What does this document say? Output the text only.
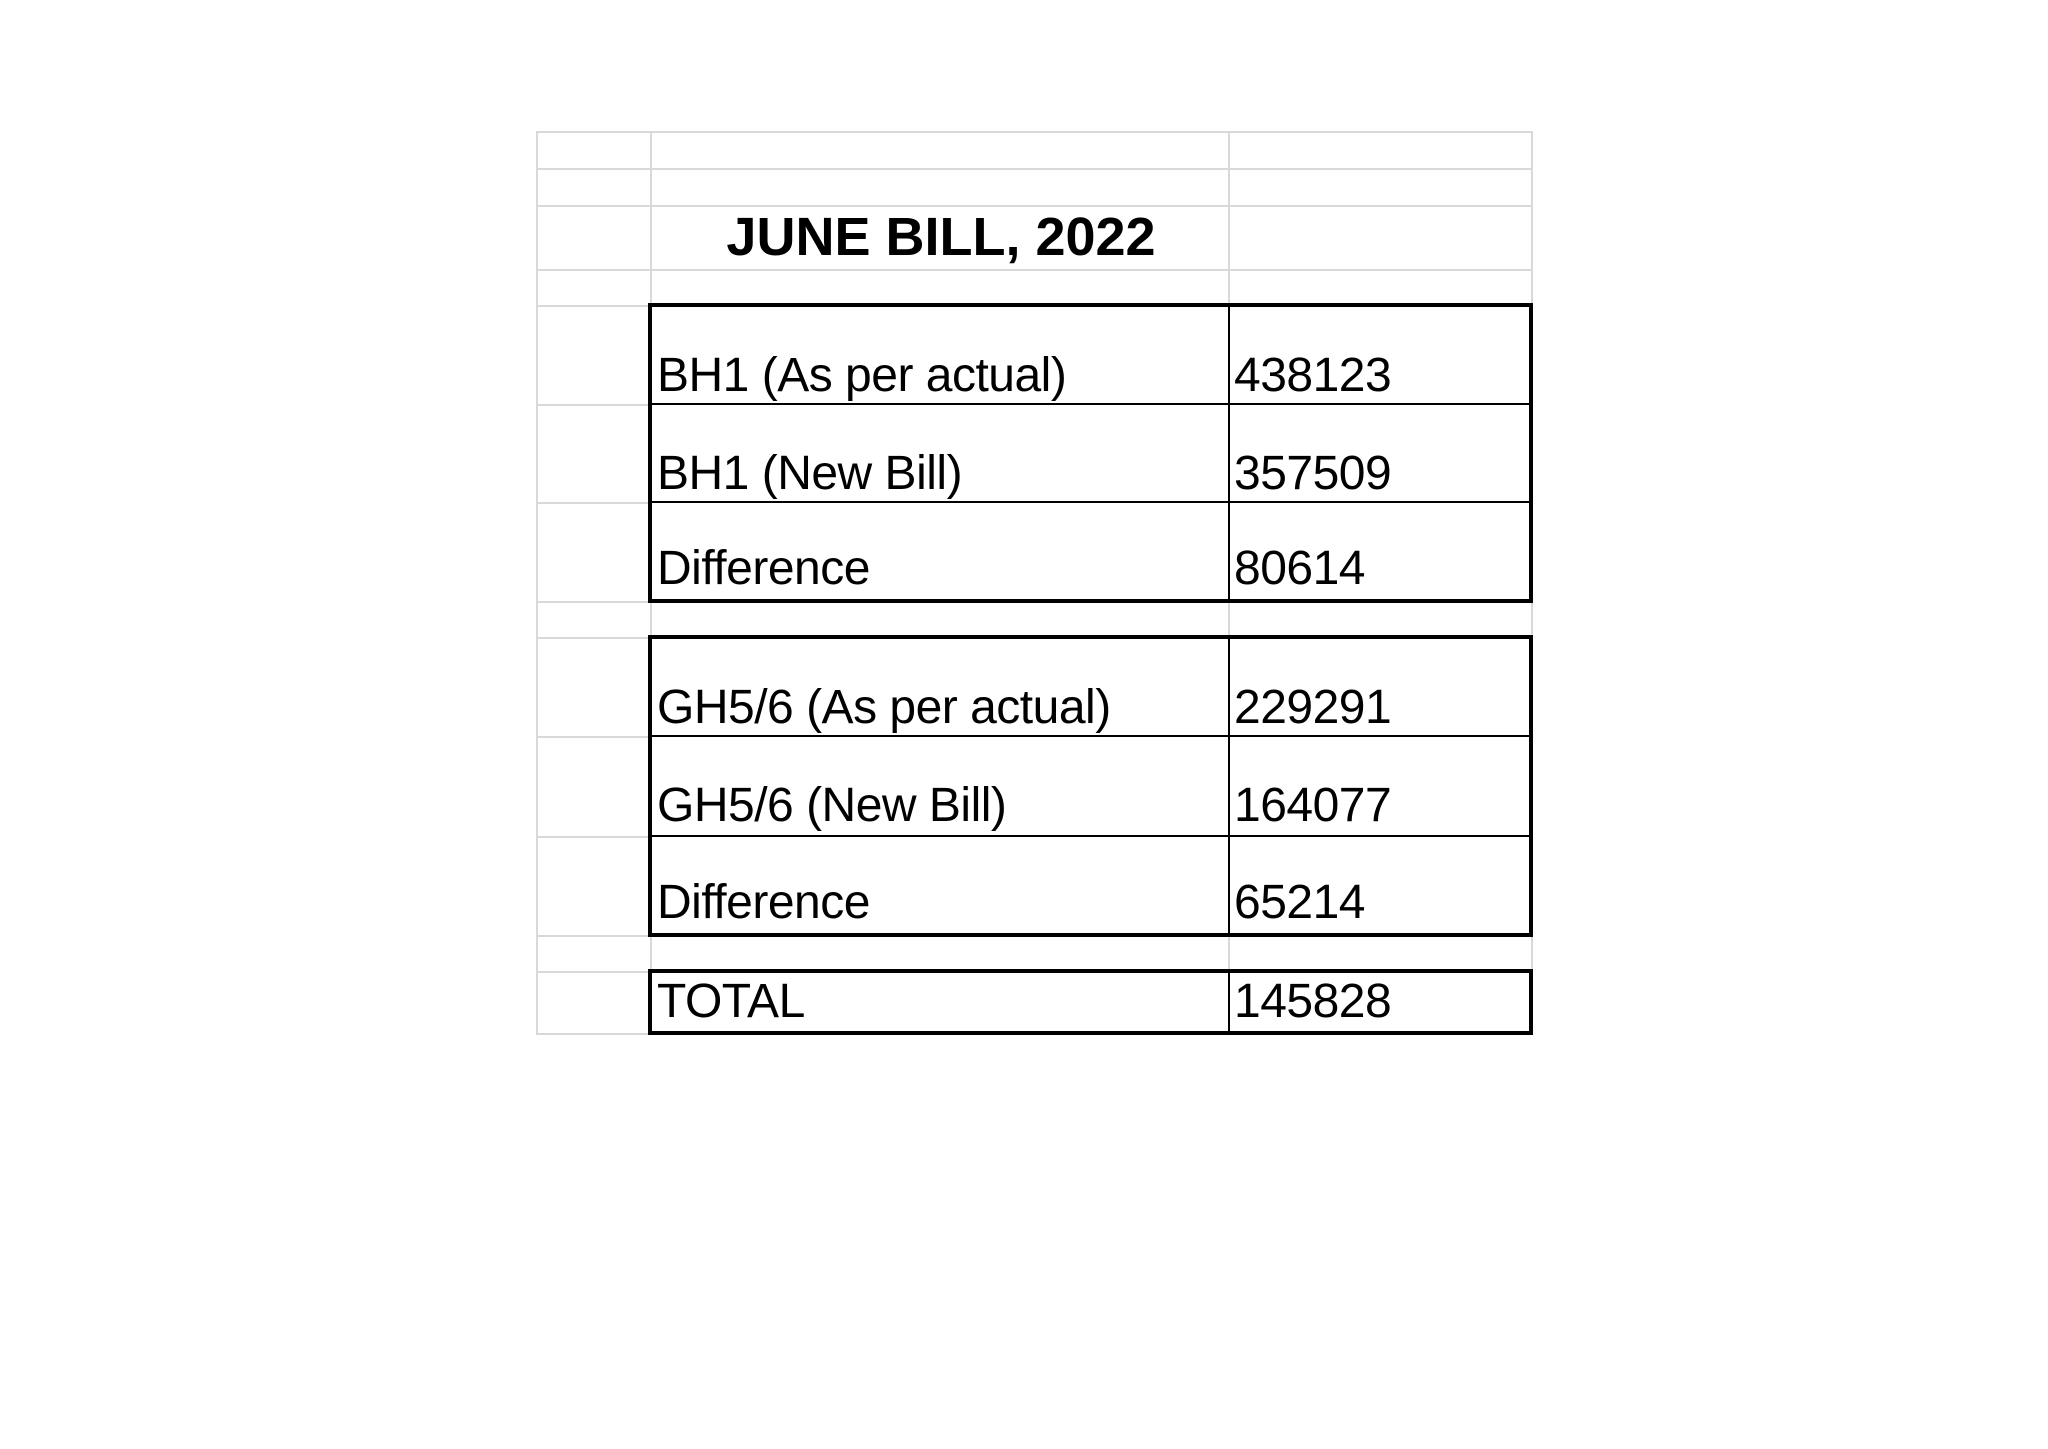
JUNE BILL, 2022
BH1 (As per actual)	438123
BH1 (New Bill)	357509
Difference	80614
GH5/6 (As per actual)	229291
GH5/6 (New Bill)	164077
Difference	65214
TOTAL	145828
